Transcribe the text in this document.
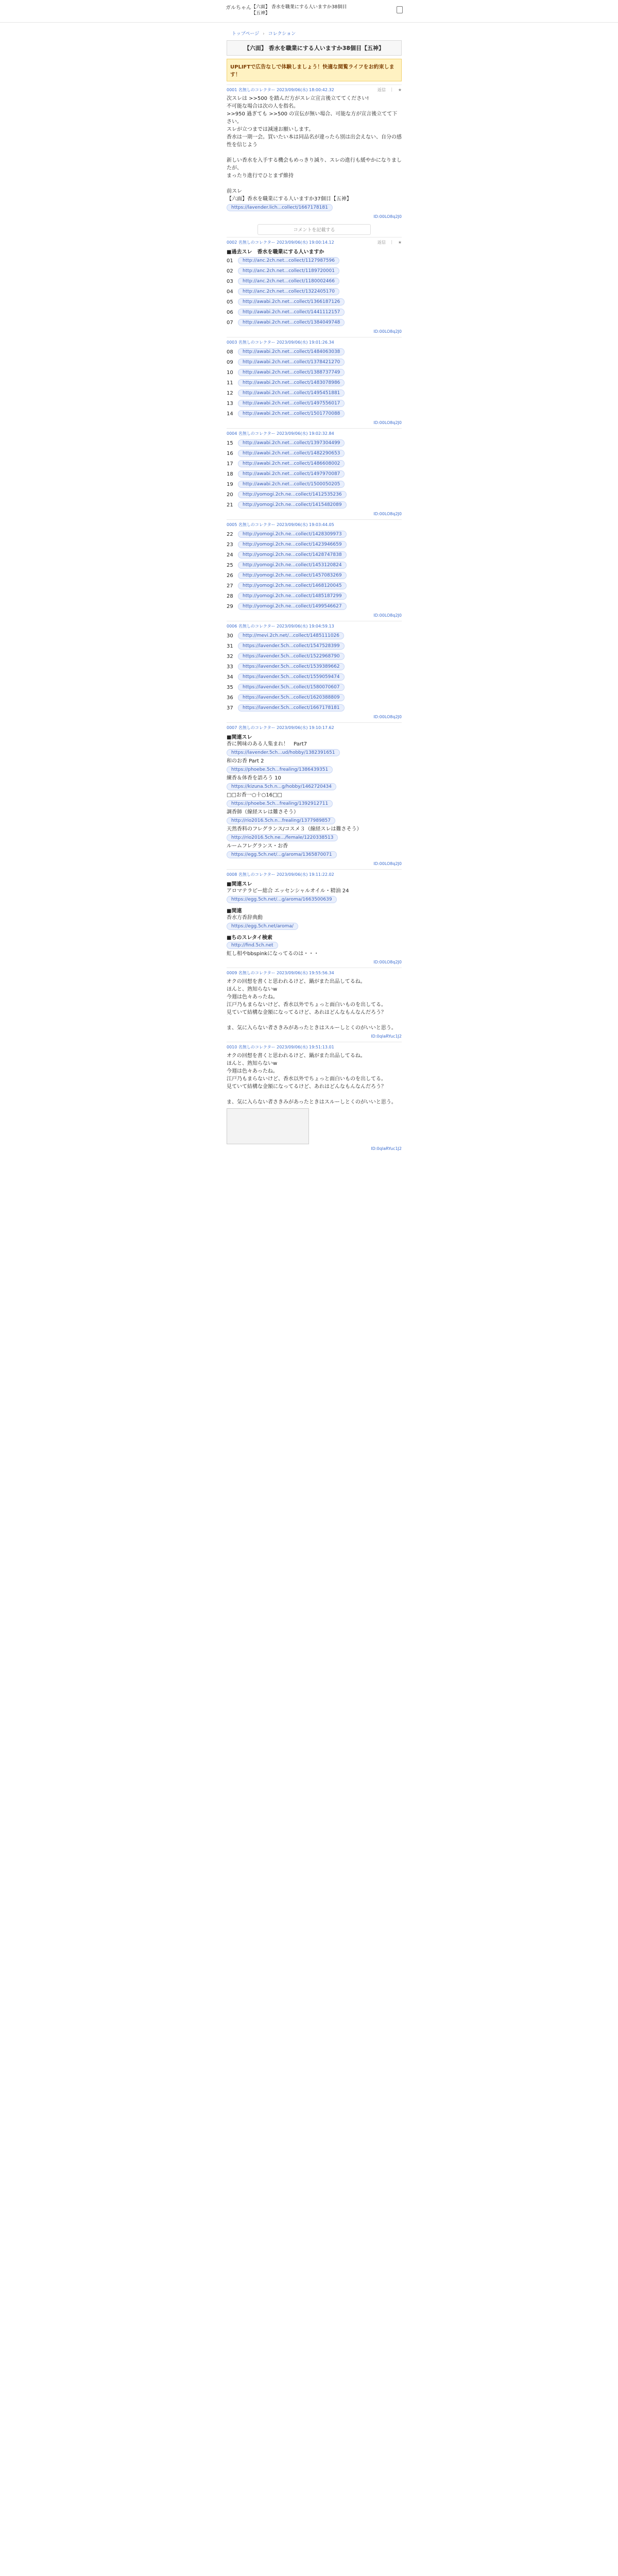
ガルちゃん 【六面】 香水を職業にする人いますか38個目【五神】
トップページ › コレクション
【六面】 香水を職業にする人いますか38個目【五神】
UPLIFTで広告なしで体験しましょう！快適な閲覧ライフをお約束します！
0001 名無しのコレクター 2023/09/06(水) 18:00:42.32	返信　｜　★
次スレは >>500 を踏んだ方がスレ立宣言後立ててください!
不可能な場合は次の人を指名。
>>950 過ぎても >>500 の宣伝が無い場合、可能な方が宣言後立てて下さい。
スレが立つまでは減速お願いします。
香水は一期一会。買いたい本は同品名が違ったら別は出会えない、自分の感性を信じよう

新しい香水を入手する機会もめっきり減り、スレの進行も緩やかになりましたが、
まったり進行でひとまず維持

前スレ
【六面】香水を職業にする人いますか37個目【五神】
https://lavender.lich...collect/1667178181
ID:00LO8q2J0
コメントを記載する
0002 名無しのコレクター 2023/09/06(水) 19:00:14.12	返信　｜　★
■過去スレ　香水を職業にする人いますか
01	http://anc.2ch.net...collect/1127987596
02	http://anc.2ch.net...collect/1189720001
03	http://anc.2ch.net...collect/1180002466
04	http://anc.2ch.net...collect/1322405170
05	http://awabi.2ch.net...collect/1366187126
06	http://awabi.2ch.net...collect/1441112157
07	http://awabi.2ch.net...collect/1384049748
ID:00LO8q2J0
0003 名無しのコレクター 2023/09/06(水) 19:01:26.34
08	http://awabi.2ch.net...collect/1484063038
09	http://awabi.2ch.net...collect/1378421270
10	http://awabi.2ch.net...collect/1388737749
11	http://awabi.2ch.net...collect/1483078986
12	http://awabi.2ch.net...collect/1495451881
13	http://awabi.2ch.net...collect/1497556017
14	http://awabi.2ch.net...collect/1501770088
ID:00LO8q2J0
0004 名無しのコレクター 2023/09/06(水) 19:02:32.84
15	http://awabi.2ch.net...collect/1397304499
16	http://awabi.2ch.net...collect/1482290653
17	http://awabi.2ch.net...collect/1486608002
18	http://awabi.2ch.net...collect/1497970087
19	http://awabi.2ch.net...collect/1500050205
20	http://yomogi.2ch.ne...collect/1412535236
21	http://yomogi.2ch.ne...collect/1415482089
ID:00LO8q2J0
0005 名無しのコレクター 2023/09/06(水) 19:03:44.05
22	http://yomogi.2ch.ne...collect/1428309973
23	http://yomogi.2ch.ne...collect/1423946659
24	http://yomogi.2ch.ne...collect/1428747838
25	http://yomogi.2ch.ne...collect/1453120824
26	http://yomogi.2ch.ne...collect/1457083269
27	http://yomogi.2ch.ne...collect/1468120045
28	http://yomogi.2ch.ne...collect/1485187299
29	http://yomogi.2ch.ne...collect/1499546627
ID:00LO8q2J0
0006 名無しのコレクター 2023/09/06(水) 19:04:59.13
30	http://mevi.2ch.net/...collect/1485111026
31	https://lavender.5ch...collect/1547528399
32	https://lavender.5ch...collect/1522968790
33	https://lavender.5ch...collect/1539389662
34	https://lavender.5ch...collect/1559059474
35	https://lavender.5ch...collect/1580070607
36	https://lavender.5ch...collect/1620388809
37	https://lavender.5ch...collect/1667178181
ID:00LO8q2J0
0007 名無しのコレクター 2023/09/06(水) 19:10:17.62
■関連スレ
香に興味のある人集まれ！　Part7
https://lavender.5ch...ud/hobby/1382391651
和のお香 Part 2
https://phoebe.5ch...frealing/1386439351
練香＆体香を語ろう 10
https://kizuna.5ch.n...g/hobby/1462720434
□□お香一○十○16□□
https://phoebe.5ch...frealing/1392912711
調香師（線経スレは難さそう）
http://rio2016.5ch.n...frealing/1377989857
天然香料のフレグランス/コスメ３（線経スレは難さそう）
http://rio2016.5ch.ne.../female/1220338513
ルームフレグランス・お香
https://egg.5ch.net/...g/aroma/1365870071
ID:00LO8q2J0
0008 名無しのコレクター 2023/09/06(水) 19:11:22.02
■関連スレ
アロマテラピー総合 エッセンシャルオイル・精油 24
https://egg.5ch.net/...g/aroma/1663500639
■関連
香水方香辞典動
https://egg.5ch.net/aroma/
■ちのスレタイ検索
http://find.5ch.net
虹し相やbbspinkになってるのは・・・
ID:00LO8q2J0
0009 名無しのコレクター 2023/09/06(水) 19:55:56.34
オクの回想を書くと思われるけど、鍋がまた出品してるね。
ほんと、熟知らないw
今週は色々あったね。
江戸乃もまらないけど、香水以外でちょっと面白いものを出してる。
見ていて結構な金額になってるけど、あれはどんなもんなんだろう？

ま、気に入らない者さきみがあったときはスルーしとくのがいいと思う。
ID:0qIaRYuc1J2
0010 名無しのコレクター 2023/09/06(水) 19:51:13.01
オクの回想を書くと思われるけど、鍋がまた出品してるね。
ほんと、熟知らないw
今週は色々あったね。
江戸乃もまらないけど、香水以外でちょっと面白いものを出してる。
見ていて結構な金額になってるけど、あれはどんなもんなんだろう？

ま、気に入らない者さきみがあったときはスルーしとくのがいいと思う。
ID:0qIaRYuc1J2
